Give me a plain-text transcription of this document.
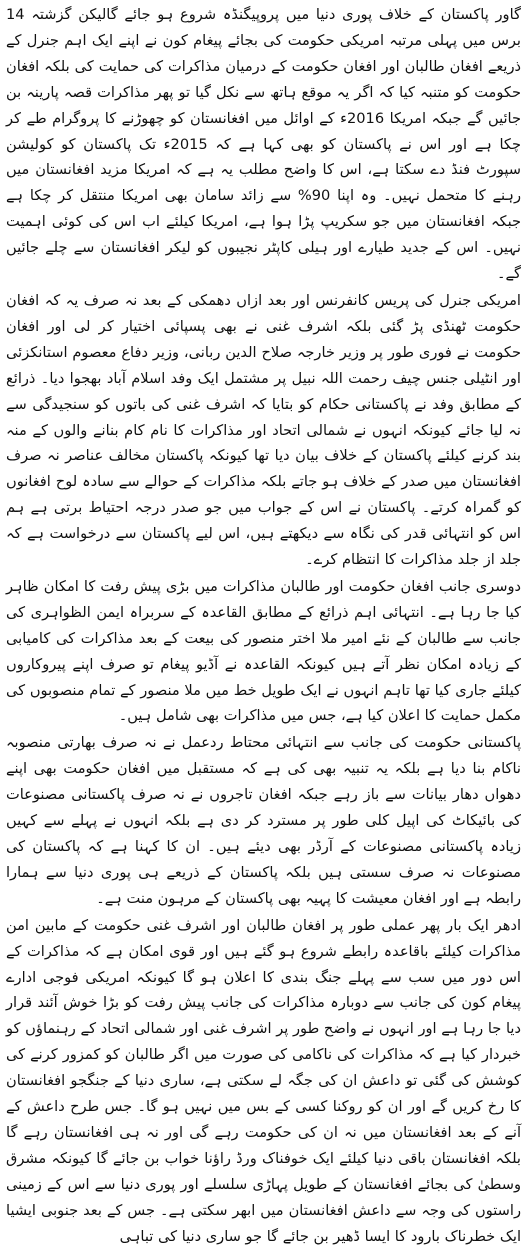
گاور پاکستان کے خلاف پوری دنیا میں پروپیگنڈہ شروع ہو جائے گالیکن گزشتہ 14 برس میں پہلی مرتبہ امریکی حکومت کی بجائے پیغام کون نے اپنے ایک اہم جنرل کے ذریعے افغان طالبان اور افغان حکومت کے درمیان مذاکرات کی حمایت کی بلکہ افغان حکومت کو متنبہ کیا کہ اگر یہ موقع ہاتھ سے نکل گیا تو پھر مذاکرات قصہ پارینہ بن جائیں گے جبکہ امریکا 2016ء کے اوائل میں افغانستان کو چھوڑنے کا پروگرام طے کر چکا ہے اور اس نے پاکستان کو بھی کہا ہے کہ 2015ء تک پاکستان کو کولیشن سپورٹ فنڈ دے سکتا ہے، اس کا واضح مطلب یہ ہے کہ امریکا مزید افغانستان میں رہنے کا متحمل نہیں۔ وہ اپنا 90% سے زائد سامان بھی امریکا منتقل کر چکا ہے جبکہ افغانستان میں جو سکریپ پڑا ہوا ہے، امریکا کیلئے اب اس کی کوئی اہمیت نہیں۔ اس کے جدید طیارے اور ہیلی کاپٹر نجیبوں کو لیکر افغانستان سے چلے جائیں گے۔

امریکی جنرل کی پریس کانفرنس اور بعد ازاں دھمکی کے بعد نہ صرف یہ کہ افغان حکومت ٹھنڈی پڑ گئی بلکہ اشرف غنی نے بھی پسپائی اختیار کر لی اور افغان حکومت نے فوری طور پر وزیر خارجہ صلاح الدین ربانی، وزیر دفاع معصوم استانکزئی اور انٹیلی جنس چیف رحمت اللہ نبیل پر مشتمل ایک وفد اسلام آباد بھجوا دیا۔ ذرائع کے مطابق وفد نے پاکستانی حکام کو بتایا کہ اشرف غنی کی باتوں کو سنجیدگی سے نہ لیا جائے کیونکہ انہوں نے شمالی اتحاد اور مذاکرات کا نام کام بنانے والوں کے منہ بند کرنے کیلئے پاکستان کے خلاف بیان دیا تھا کیونکہ پاکستان مخالف عناصر نہ صرف افغانستان میں صدر کے خلاف ہو جاتے بلکہ مذاکرات کے حوالے سے سادہ لوح افغانوں کو گمراہ کرتے۔ پاکستان نے اس کے جواب میں جو صدر درجہ احتیاط برتی ہے ہم اس کو انتہائی قدر کی نگاہ سے دیکھتے ہیں، اس لیے پاکستان سے درخواست ہے کہ جلد از جلد مذاکرات کا انتظام کرے۔

دوسری جانب افغان حکومت اور طالبان مذاکرات میں بڑی پیش رفت کا امکان ظاہر کیا جا رہا ہے۔ انتہائی اہم ذرائع کے مطابق القاعدہ کے سربراہ ایمن الظواہری کی جانب سے طالبان کے نئے امیر ملا اختر منصور کی بیعت کے بعد مذاکرات کی کامیابی کے زیادہ امکان نظر آتے ہیں کیونکہ القاعدہ نے آڈیو پیغام تو صرف اپنے پیروکاروں کیلئے جاری کیا تھا تاہم انہوں نے ایک طویل خط میں ملا منصور کے تمام منصوبوں کی مکمل حمایت کا اعلان کیا ہے، جس میں مذاکرات بھی شامل ہیں۔

پاکستانی حکومت کی جانب سے انتہائی محتاط ردعمل نے نہ صرف بھارتی منصوبہ ناکام بنا دیا ہے بلکہ یہ تنبیہ بھی کی ہے کہ مستقبل میں افغان حکومت بھی اپنے دھواں دھار بیانات سے باز رہے جبکہ افغان تاجروں نے نہ صرف پاکستانی مصنوعات کی بائیکاٹ کی اپیل کلی طور پر مسترد کر دی ہے بلکہ انہوں نے پہلے سے کہیں زیادہ پاکستانی مصنوعات کے آرڈر بھی دیئے ہیں۔ ان کا کہنا ہے کہ پاکستان کی مصنوعات نہ صرف سستی ہیں بلکہ پاکستان کے ذریعے ہی پوری دنیا سے ہمارا رابطہ ہے اور افغان معیشت کا پہیہ بھی پاکستان کے مرہون منت ہے۔

ادھر ایک بار پھر عملی طور پر افغان طالبان اور اشرف غنی حکومت کے مابین امن مذاکرات کیلئے باقاعدہ رابطے شروع ہو گئے ہیں اور قوی امکان ہے کہ مذاکرات کے اس دور میں سب سے پہلے جنگ بندی کا اعلان ہو گا کیونکہ امریکی فوجی ادارے پیغام کون کی جانب سے دوبارہ مذاکرات کی جانب پیش رفت کو بڑا خوش آئند قرار دیا جا رہا ہے اور انہوں نے واضح طور پر اشرف غنی اور شمالی اتحاد کے رہنماؤں کو خبردار کیا ہے کہ مذاکرات کی ناکامی کی صورت میں اگر طالبان کو کمزور کرنے کی کوشش کی گئی تو داعش ان کی جگہ لے سکتی ہے، ساری دنیا کے جنگجو افغانستان کا رخ کریں گے اور ان کو روکنا کسی کے بس میں نہیں ہو گا۔ جس طرح داعش کے آنے کے بعد افغانستان میں نہ ان کی حکومت رہے گی اور نہ ہی افغانستان رہے گا بلکہ افغانستان باقی دنیا کیلئے ایک خوفناک ورڈ راؤنا خواب بن جائے گا کیونکہ مشرق وسطیٰ کی بجائے افغانستان کے طویل پہاڑی سلسلے اور پوری دنیا سے اس کے زمینی راستوں کی وجہ سے داعش افغانستان میں ابھر سکتی ہے۔ جس کے بعد جنوبی ایشیا ایک خطرناک بارود کا ایسا ڈھیر بن جائے گا جو ساری دنیا کی تباہی
